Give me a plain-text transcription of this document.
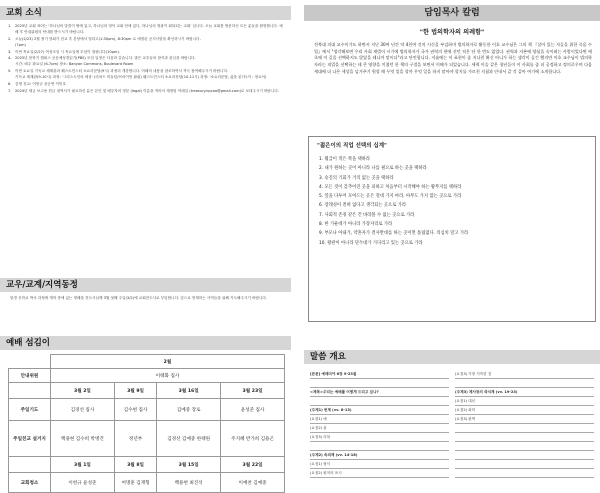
교회 소식
1. 2025년 교회 표어는 '하나님의 말씀이 땅에 있고, 하나님의 영이 교회 안에 있다, 하나님의 영광이 회복되는 교회' 입니다. 오늘 교회를 방문하신 모든 분들을 환영합니다. 예배 후 안내위원의 안내를 받으시기 바랍니다.
2. 오늘(2/23) 2월 정기 당회가 친교 후 본당에서 열리고(1:30pm), 8:30pm 로 예정된 공지사항을 확인하시기 바랍니다.
(7pm)
3. 이번 목요일(2/27) 여성모임 시 목요일에 모임이 열립니다(10pm).
4. 2025년 봄학기 캠퍼스 공동체성경읽기(PBS) 모임 일정은 다음과 같습니다. 많은 교우들의 참석과 관심을 바랍니다.
시간: 매주 화요일 (6-7pm) 장소: Banyan Commons, Boulevard Room
5. 이번 토요일 기독교 세계관과 웨스트민스터 소요리문답(9시) 과정의 개강합니다. 아래의 내용을 참조하여서 적극 참여해주시기 바랍니다.
기독교 세계관(9-10시) 과정: '그리스도인의 세상' (리처드 미들턴/브라이언 왈쉬) 웨스트민스터 소요리문답(10-11시) 과정: '소요리문답, 삶을 읽다'(이 : 정요석)
6. 감명 친교: 이헌규 윤승연 이민호
7. 2024년 세금 보고용 헌금 내역서가 필요하신 분은 본인 및 배우자의 영문 (legal) 이름을 적어서 재정팀 이메일 (treasury.kpcaa@gmail.com)로 보내주시기 바랍니다.
교우/교계/지역동정
함경 신학교 박사 과정에 재학 중에 있는 정배을 전도사님께 3월 첫째 주일(3/2)에 교회전도사로 부임합니다. 앞으로 헌계하는 사역들을 위해 기도해주시기 바랍니다.
예배 섬김이
	2월			
안내위원	이태화 집사			
	3월 2일	3월 9일	3월 16일	3월 23일
주일기도	김경선 집사	김수현 집사	김예중 장로	윤성준 집사
주일친교 설거지	백용현 김수희 박병건	정년부	김경선 김예중 한태원	주지혜 반가희 김용곤
	3월 1일	3월 8일	3월 15일	3월 22일
교회청소	이헌규 윤성준	여명훈 김재형	백용현 최진석	이예찬 김예중
담임목사 칼럼
"한 법의학자의 의례함"
전북대 의대 교수이기도 하면서 지난 30여 년간 약 4천여 건의 시신을 부검하며 법의학자로 활동한 이호 교수님은 그의 책 『살아 있는 자들을 위한 죽음 수업』에서 "생각해보면 우리 사회 재벌이 시기에 법의학자가 국가 권력의 편에 선던 적은 단 한 번도 없었다. 권력과 자본에 양심을 속이려는 사람이었다면 애초에 이 길을 선택하지도 않았을 테니까 말이다"라고 단언합니다. 저술에는 이 표현이 좀 지나친 확신 아니가 하는 생각이 들긴 했지만 이호 교수님이 법의학자라는 직업을 선택하는 데 큰 영향을 끼쳤던 한 책의 구절을 보면서 이해가 되었습니다. 세력 이슬 같은 청년들이 이 사회를 좀 더 공정하고 정의로우며 다음 세대에 더 나은 세상을 넘겨주기 원할 때 무엇 일을 할까 무엇 일을 하지 말아야 할지를 가르친 지침과 안내서 같 것 같아 여기에 소개합니다.
"젊은이의 직업 선택의 십계"
1. 월급이 적은 쪽을 택하라
2. 내가 원하는 곳이 아니라 나를 필요로 하는 곳을 택하라
3. 승진의 기회가 거의 없는 곳을 택하라
4. 모든 것이 갖추어진 곳을 피하고 처음부터 시작해야 하는 황무지를 택하라
5. 앞을 다투어 모여드는 곳은 절대 가지 마라. 아무도 가지 않는 곳으로 가라
6. 장래성이 전혀 없다고 생각되는 곳으로 가라
7. 사회적 존경 같은 건 바라볼 수 없는 곳으로 가라
8. 한 가운데가 아니라 가장자리로 가라
9. 부모나 아내가, 약혼자가 결사반대를 하는 곳이면 틀림없다. 의심치 말고 가라
10. 왕관이 아니라 단두대가 기다리고 있는 곳으로 가라
말씀 개요
[본문] 예레미야 6장 9-23절
<제목>우리는 예배를 어떻게 드리고 있나?
(주제1) 번제 (vv. 8-13)
(요점1) 예
(요점2) 율
(요점3) 의복
(주제2) 속죄제 (vv. 14-18)
(요점1) 형식
(요점2) 원칙의 표시
(요점3) 가장 거룩한 것
(주제3) 제사장의 죽식제 (vv. 19-23)
(요점1) 대신
(요점2) 최미
(요점3) 완벽
